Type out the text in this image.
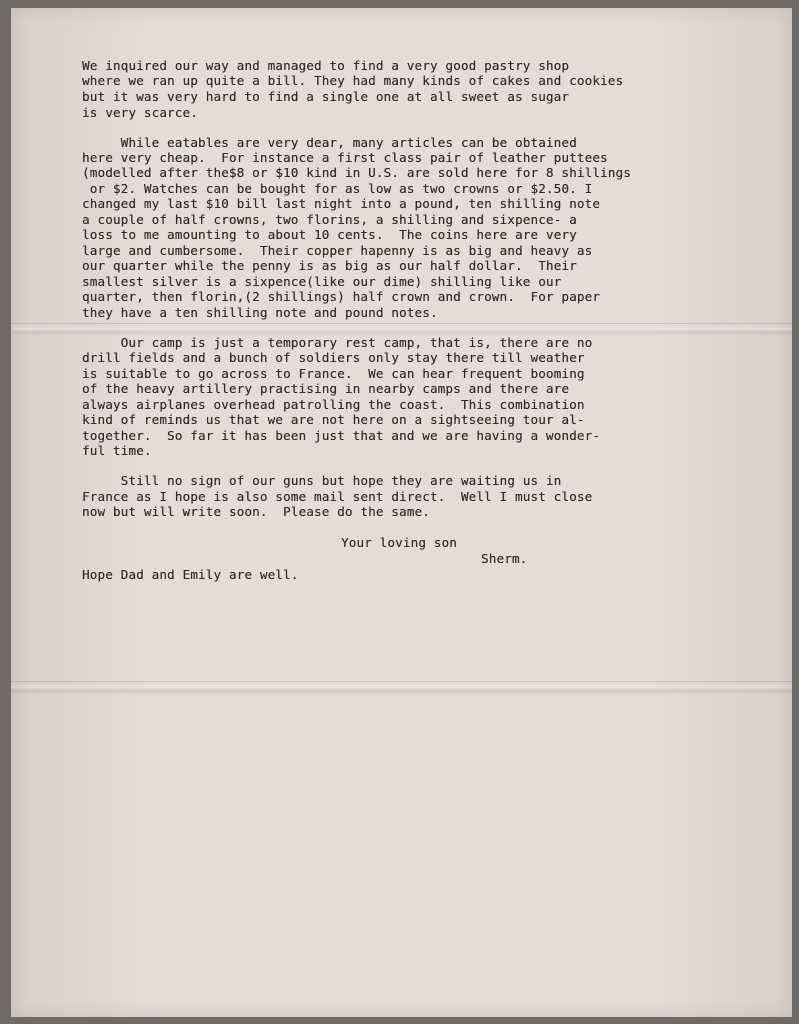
We inquired our way and managed to find a very good pastry shop

where we ran up quite a bill. They had many kinds of cakes and cookies

but it was very hard to find a single one at all sweet as sugar

is very scarce.

While eatables are very dear, many articles can be obtained

here very cheap.  For instance a first class pair of leather puttees

(modelled after the$8 or $10 kind in U.S. are sold here for 8 shillings

or $2. Watches can be bought for as low as two crowns or $2.50. I

changed my last $10 bill last night into a pound, ten shilling note

a couple of half crowns, two florins, a shilling and sixpence- a

loss to me amounting to about 10 cents.  The coins here are very

large and cumbersome.  Their copper hapenny is as big and heavy as

our quarter while the penny is as big as our half dollar.  Their

smallest silver is a sixpence(like our dime) shilling like our

quarter, then florin,(2 shillings) half crown and crown.  For paper

they have a ten shilling note and pound notes.

Our camp is just a temporary rest camp, that is, there are no

drill fields and a bunch of soldiers only stay there till weather

is suitable to go across to France.  We can hear frequent booming

of the heavy artillery practising in nearby camps and there are

always airplanes overhead patrolling the coast.  This combination

kind of reminds us that we are not here on a sightseeing tour al-

together.  So far it has been just that and we are having a wonder-

ful time.

Still no sign of our guns but hope they are waiting us in

France as I hope is also some mail sent direct.  Well I must close

now but will write soon.  Please do the same.

Your loving son

Sherm.

Hope Dad and Emily are well.
